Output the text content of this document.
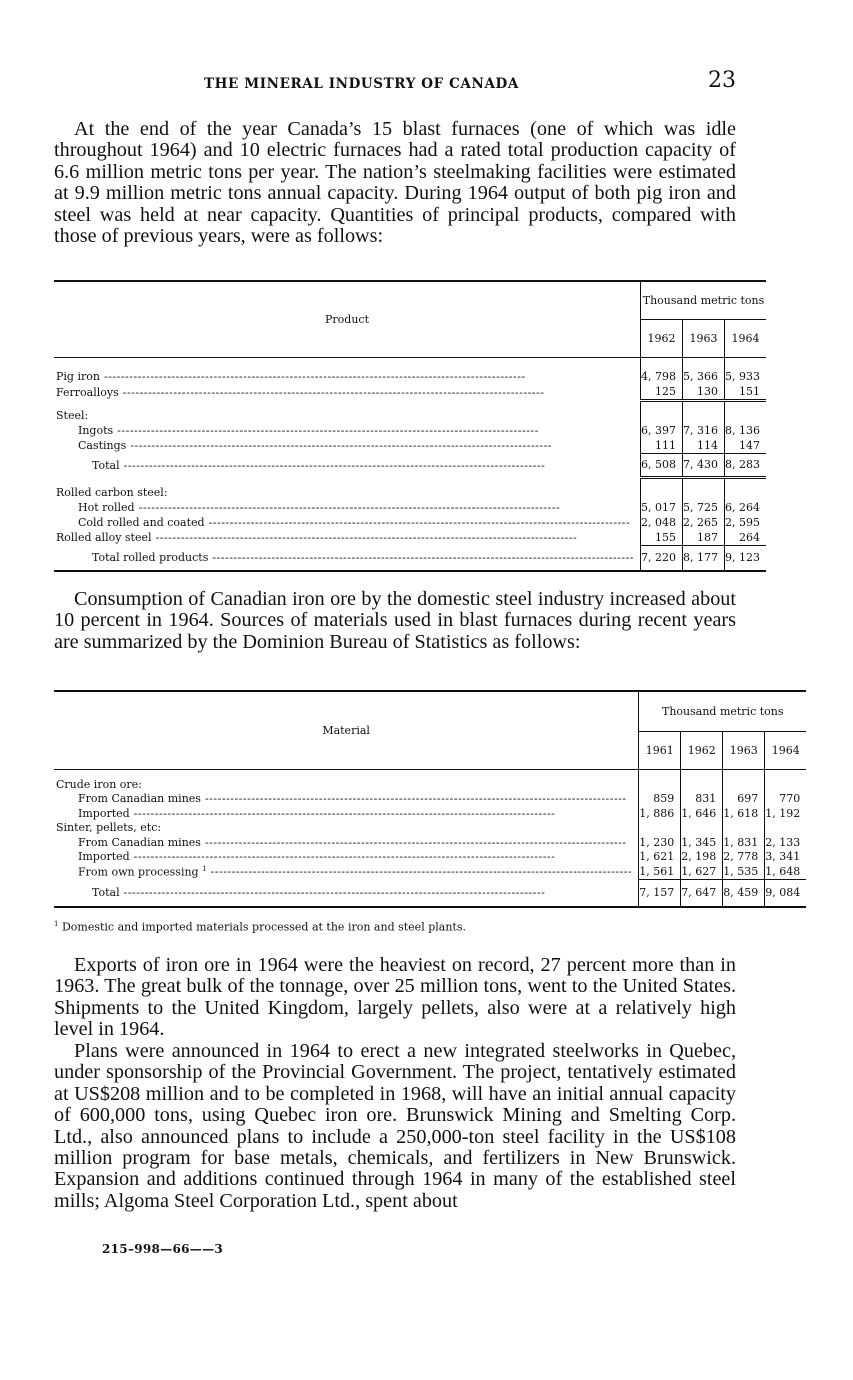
THE MINERAL INDUSTRY OF CANADA	23

At the end of the year Canada’s 15 blast furnaces (one of which was idle throughout 1964) and 10 electric furnaces had a rated total production capacity of 6.6 million metric tons per year. The nation’s steelmaking facilities were estimated at 9.9 million metric tons annual capacity. During 1964 output of both pig iron and steel was held at near capacity. Quantities of principal products, compared with those of previous years, were as follows:

Product	Thousand metric tons		
	1962	1963	1964

Pig iron -----	4, 798	5, 366	5, 933

Ferroalloys -----	125	130	151

Steel:			

Ingots -----	6, 397	7, 316	8, 136

Castings -----	111	114	147

Total -----	6, 508	7, 430	8, 283

Rolled carbon steel:			

Hot rolled -----	5, 017	5, 725	6, 264

Cold rolled and coated -----	2, 048	2, 265	2, 595

Rolled alloy steel -----	155	187	264

Total rolled products -----	7, 220	8, 177	9, 123

Consumption of Canadian iron ore by the domestic steel industry increased about 10 percent in 1964. Sources of materials used in blast furnaces during recent years are summarized by the Dominion Bureau of Statistics as follows:

Material	Thousand metric tons			
	1961	1962	1963	1964

Crude iron ore:				

From Canadian mines -----	859	831	697	770

Imported -----	1, 886	1, 646	1, 618	1, 192
Sinter, pellets, etc:				

From Canadian mines -----	1, 230	1, 345	1, 831	2, 133

Imported -----	1, 621	2, 198	2, 778	3, 341

From own processing $^1$ -----	1, 561	1, 627	1, 535	1, 648

Total -----	7, 157	7, 647	8, 459	9, 084
$^1$ Domestic and imported materials processed at the iron and steel plants.

Exports of iron ore in 1964 were the heaviest on record, 27 percent more than in 1963. The great bulk of the tonnage, over 25 million tons, went to the United States. Shipments to the United Kingdom, largely pellets, also were at a relatively high level in 1964.

Plans were announced in 1964 to erect a new integrated steelworks in Quebec, under sponsorship of the Provincial Government. The project, tentatively estimated at US$208 million and to be completed in 1968, will have an initial annual capacity of 600,000 tons, using Quebec iron ore. Brunswick Mining and Smelting Corp. Ltd., also announced plans to include a 250,000-ton steel facility in the US$108 million program for base metals, chemicals, and fertilizers in New Brunswick. Expansion and additions continued through 1964 in many of the established steel mills; Algoma Steel Corporation Ltd., spent about

215–998—66——3
